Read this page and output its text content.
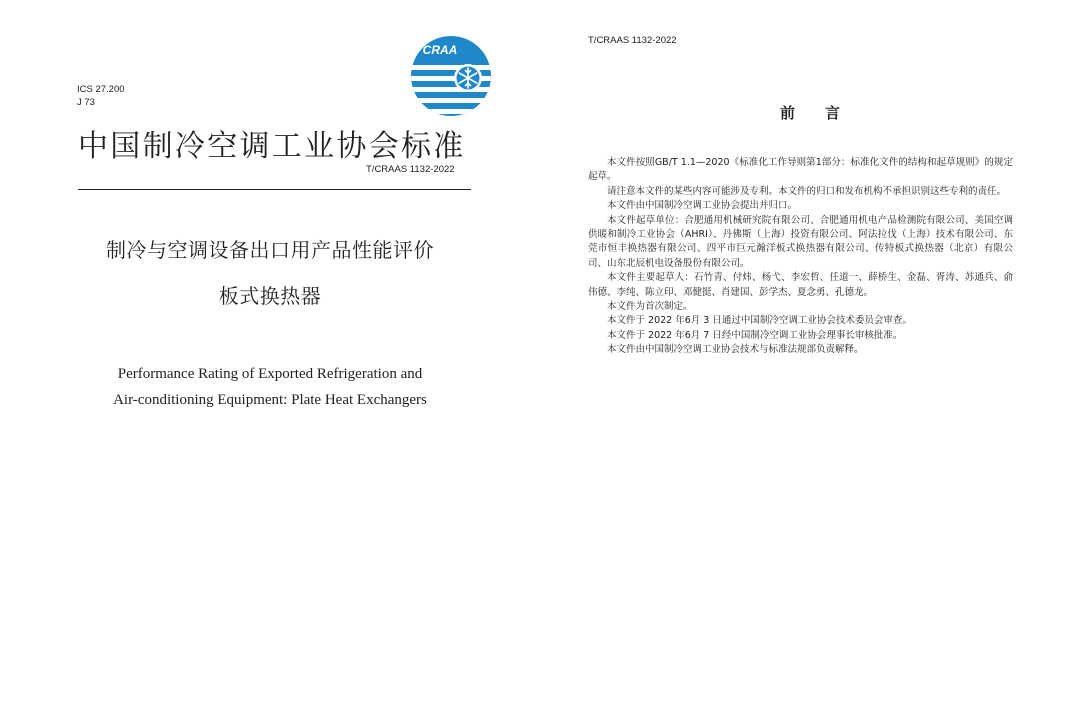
CRAA
ICS 27.200
J 73
中国制冷空调工业协会标准
T/CRAAS 1132-2022
制冷与空调设备出口用产品性能评价
板式换热器
Performance Rating of Exported Refrigeration and
Air-conditioning Equipment: Plate Heat Exchangers
T/CRAAS 1132-2022
前言

本文件按照GB/T 1.1—2020《标准化工作导则第1部分：标准化文件的结构和起草规则》的规定起草。

请注意本文件的某些内容可能涉及专利。本文件的归口和发布机构不承担识别这些专利的责任。

本文件由中国制冷空调工业协会提出并归口。

本文件起草单位：合肥通用机械研究院有限公司、合肥通用机电产品检测院有限公司、美国空调供暖和制冷工业协会（AHRI）、丹佛斯（上海）投资有限公司、阿法拉伐（上海）技术有限公司、东莞市恒丰换热器有限公司、四平市巨元瀚洋板式换热器有限公司、传特板式换热器（北京）有限公司、山东北辰机电设备股份有限公司。

本文件主要起草人：石竹青、付炜、杨弋、李宏哲、任道一、薛桥生、金磊、胥涛、苏通兵、俞伟德、李纯、陈立印、邓健挺、肖建国、彭学杰、夏念勇、孔德龙。

本文件为首次制定。

本文件于 2022 年6月 3 日通过中国制冷空调工业协会技术委员会审查。

本文件于 2022 年6月 7 日经中国制冷空调工业协会理事长审核批准。

本文件由中国制冷空调工业协会技术与标准法规部负责解释。
